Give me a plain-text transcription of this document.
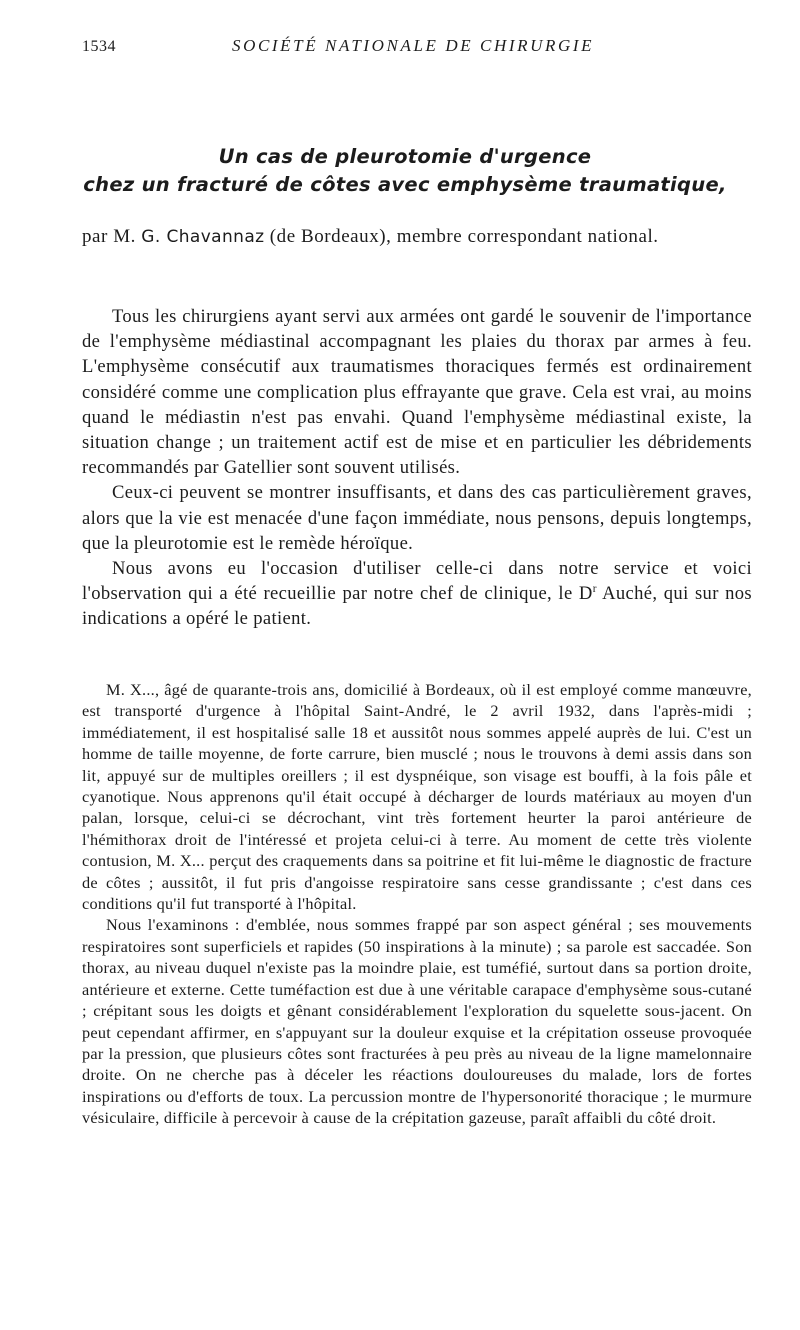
1534	SOCIÉTÉ NATIONALE DE CHIRURGIE
Un cas de pleurotomie d'urgence
chez un fracturé de côtes avec emphysème traumatique,
par M. G. Chavannaz (de Bordeaux), membre correspondant national.

Tous les chirurgiens ayant servi aux armées ont gardé le souvenir de l'importance de l'emphysème médiastinal accompagnant les plaies du thorax par armes à feu. L'emphysème consécutif aux traumatismes thoraciques fermés est ordinairement considéré comme une complication plus effrayante que grave. Cela est vrai, au moins quand le médiastin n'est pas envahi. Quand l'emphysème médiastinal existe, la situation change ; un traitement actif est de mise et en particulier les débridements recommandés par Gatellier sont souvent utilisés.

Ceux-ci peuvent se montrer insuffisants, et dans des cas particulièrement graves, alors que la vie est menacée d'une façon immédiate, nous pensons, depuis longtemps, que la pleurotomie est le remède héroïque.

Nous avons eu l'occasion d'utiliser celle-ci dans notre service et voici l'observation qui a été recueillie par notre chef de clinique, le $D^r$ Auché, qui sur nos indications a opéré le patient.

M. X..., âgé de quarante-trois ans, domicilié à Bordeaux, où il est employé comme manœuvre, est transporté d'urgence à l'hôpital Saint-André, le 2 avril 1932, dans l'après-midi ; immédiatement, il est hospitalisé salle 18 et aussitôt nous sommes appelé auprès de lui. C'est un homme de taille moyenne, de forte carrure, bien musclé ; nous le trouvons à demi assis dans son lit, appuyé sur de multiples oreillers ; il est dyspnéique, son visage est bouffi, à la fois pâle et cyanotique. Nous apprenons qu'il était occupé à décharger de lourds matériaux au moyen d'un palan, lorsque, celui-ci se décrochant, vint très fortement heurter la paroi antérieure de l'hémithorax droit de l'intéressé et projeta celui-ci à terre. Au moment de cette très violente contusion, M. X... perçut des craquements dans sa poitrine et fit lui-même le diagnostic de fracture de côtes ; aussitôt, il fut pris d'angoisse respiratoire sans cesse grandissante ; c'est dans ces conditions qu'il fut transporté à l'hôpital.

Nous l'examinons : d'emblée, nous sommes frappé par son aspect général ; ses mouvements respiratoires sont superficiels et rapides (50 inspirations à la minute) ; sa parole est saccadée. Son thorax, au niveau duquel n'existe pas la moindre plaie, est tuméfié, surtout dans sa portion droite, antérieure et externe. Cette tuméfaction est due à une véritable carapace d'emphysème sous-cutané ; crépitant sous les doigts et gênant considérablement l'exploration du squelette sous-jacent. On peut cependant affirmer, en s'appuyant sur la douleur exquise et la crépitation osseuse provoquée par la pression, que plusieurs côtes sont fracturées à peu près au niveau de la ligne mamelonnaire droite. On ne cherche pas à déceler les réactions douloureuses du malade, lors de fortes inspirations ou d'efforts de toux. La percussion montre de l'hypersonorité thoracique ; le murmure vésiculaire, difficile à percevoir à cause de la crépitation gazeuse, paraît affaibli du côté droit.
